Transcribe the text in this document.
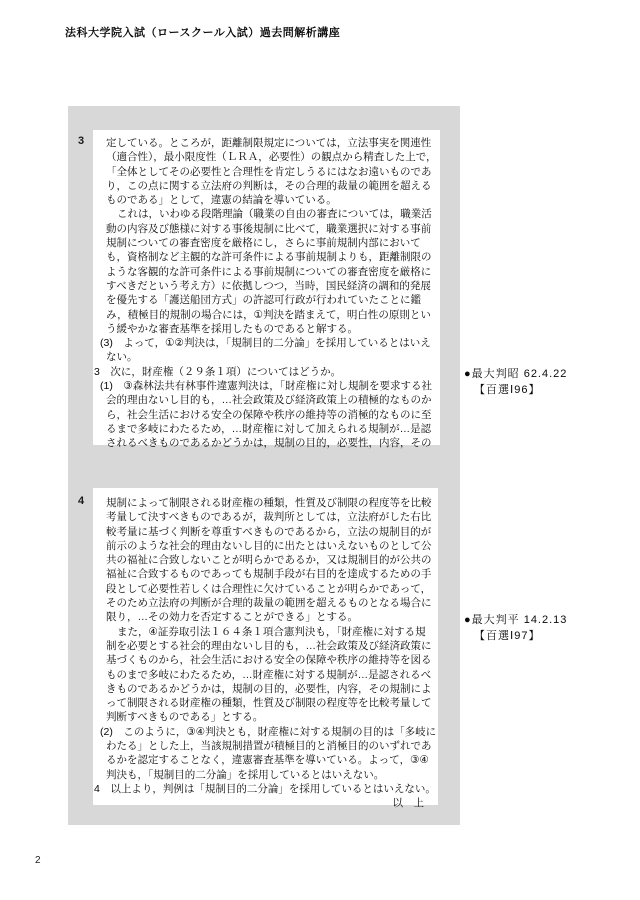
法科大学院入試（ロースクール入試）過去問解析講座
3	定している。ところが，距離制限規定については，立法事実を関連性
（適合性），最小限度性（ＬＲＡ，必要性）の観点から精査した上で，
「全体としてその必要性と合理性を肯定しうるにはなお遠いものであ
り，この点に関する立法府の判断は，その合理的裁量の範囲を超える
ものである」として，違憲の結論を導いている。
これは，いわゆる段階理論（職業の自由の審査については，職業活
動の内容及び態様に対する事後規制に比べて，職業選択に対する事前
規制についての審査密度を厳格にし，さらに事前規制内部において
も，資格制など主観的な許可条件による事前規制よりも，距離制限の
ような客観的な許可条件による事前規制についての審査密度を厳格に
すべきだという考え方）に依拠しつつ，当時，国民経済の調和的発展
を優先する「護送船団方式」の許認可行政が行われていたことに鑑
み，積極目的規制の場合には，①判決を踏まえて，明白性の原則とい
う緩やかな審査基準を採用したものであると解する。
(3)　よって，①②判決は，「規制目的二分論」を採用しているとはいえ
ない。
3　次に，財産権（２９条１項）についてはどうか。
(1)　③森林法共有林事件違憲判決は，「財産権に対し規制を要求する社
会的理由ないし目的も，…社会政策及び経済政策上の積極的なものか
ら，社会生活における安全の保障や秩序の維持等の消極的なものに至
るまで多岐にわたるため，…財産権に対して加えられる規制が…是認
されるべきものであるかどうかは，規制の目的，必要性，内容，その
4	規制によって制限される財産権の種類，性質及び制限の程度等を比較
考量して決すべきものであるが，裁判所としては，立法府がした右比
較考量に基づく判断を尊重すべきものであるから，立法の規制目的が
前示のような社会的理由ないし目的に出たとはいえないものとして公
共の福祉に合致しないことが明らかであるか，又は規制目的が公共の
福祉に合致するものであっても規制手段が右目的を達成するための手
段として必要性若しくは合理性に欠けていることが明らかであって，
そのため立法府の判断が合理的裁量の範囲を超えるものとなる場合に
限り，…その効力を否定することができる」とする。
また，④証券取引法１６４条１項合憲判決も，「財産権に対する規
制を必要とする社会的理由ないし目的も，…社会政策及び経済政策に
基づくものから，社会生活における安全の保障や秩序の維持等を図る
ものまで多岐にわたるため，…財産権に対する規制が…是認されるべ
きものであるかどうかは，規制の目的，必要性，内容，その規制によ
って制限される財産権の種類，性質及び制限の程度等を比較考量して
判断すべきものである」とする。
(2)　このように，③④判決とも，財産権に対する規制の目的は「多岐に
わたる」とした上，当該規制措置が積極目的と消極目的のいずれであ
るかを認定することなく，違憲審査基準を導いている。よって，③④
判決も，「規制目的二分論」を採用しているとはいえない。
4　以上より，判例は「規制目的二分論」を採用しているとはいえない。
以　上
●最大判昭 62.4.22
【百選Ⅰ96】
●最大判平 14.2.13
【百選Ⅰ97】
2
